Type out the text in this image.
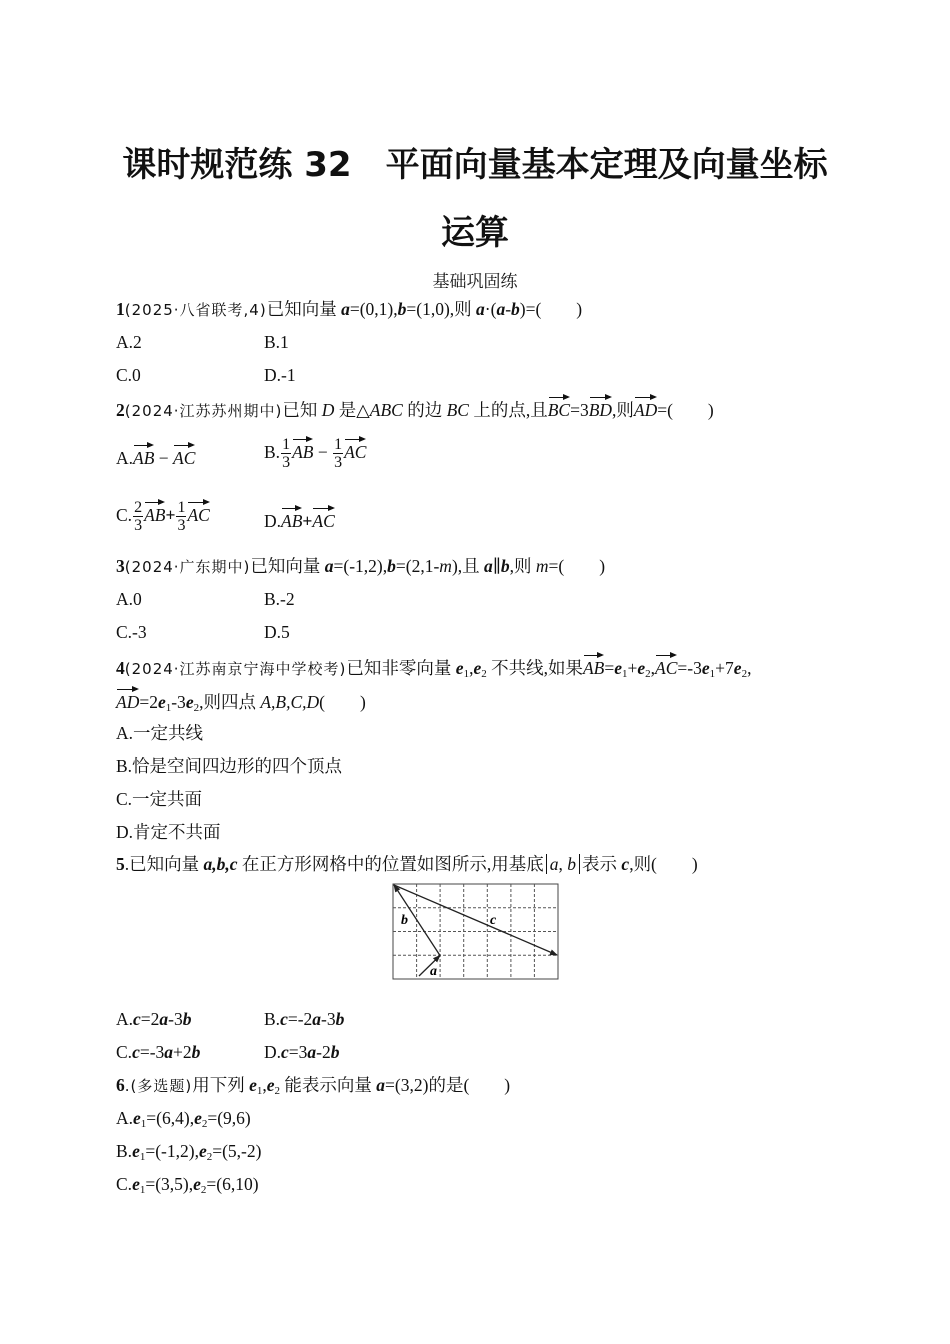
课时规范练 32　平面向量基本定理及向量坐标
运算
基础巩固练
1(2025·八省联考,4)已知向量 a=(0,1),b=(1,0),则 a·(a-b)=(　　)
A.2	B.1
C.0	D.-1
2(2024·江苏苏州期中)已知 D 是△ABC 的边 BC 上的点,且BC=3BD,则AD=(　　)
A.AB − AC	B. $\frac{1}{3}$ AB − $\frac{1}{3}$ AC
C. $\frac{2}{3} AB+ \frac{1}{3}$ AC	D.AB+AC
3(2024·广东期中)已知向量 a=(-1,2),b=(2,1-m),且 a∥b,则 m=(　　)
A.0	B.-2
C.-3	D.5
4(2024·江苏南京宁海中学校考)已知非零向量 $e_1,e_2$ 不共线,如果$AB=e_1+e_2,AC=-3e_1+7e_2$,
$AD=2e_1-3e_2$,则四点 A,B,C,D(　　)
A.一定共线
B.恰是空间四边形的四个顶点
C.一定共面
D.肯定不共面
5.已知向量 a,b,c 在正方形网格中的位置如图所示,用基底 a, b 表示 c,则(　　)
a
b	c
A.c=2a-3b	B.c=-2a-3b
C.c=-3a+2b	D.c=3a-2b
6.(多选题)用下列 $e_1,e_2$ 能表示向量 a=(3,2)的是(　　)
$A.e_1=(6,4),e_2=(9,6)$
$B.e_1=(-1,2),e_2=(5,-2)$
$C.e_1=(3,5),e_2=(6,10)$
